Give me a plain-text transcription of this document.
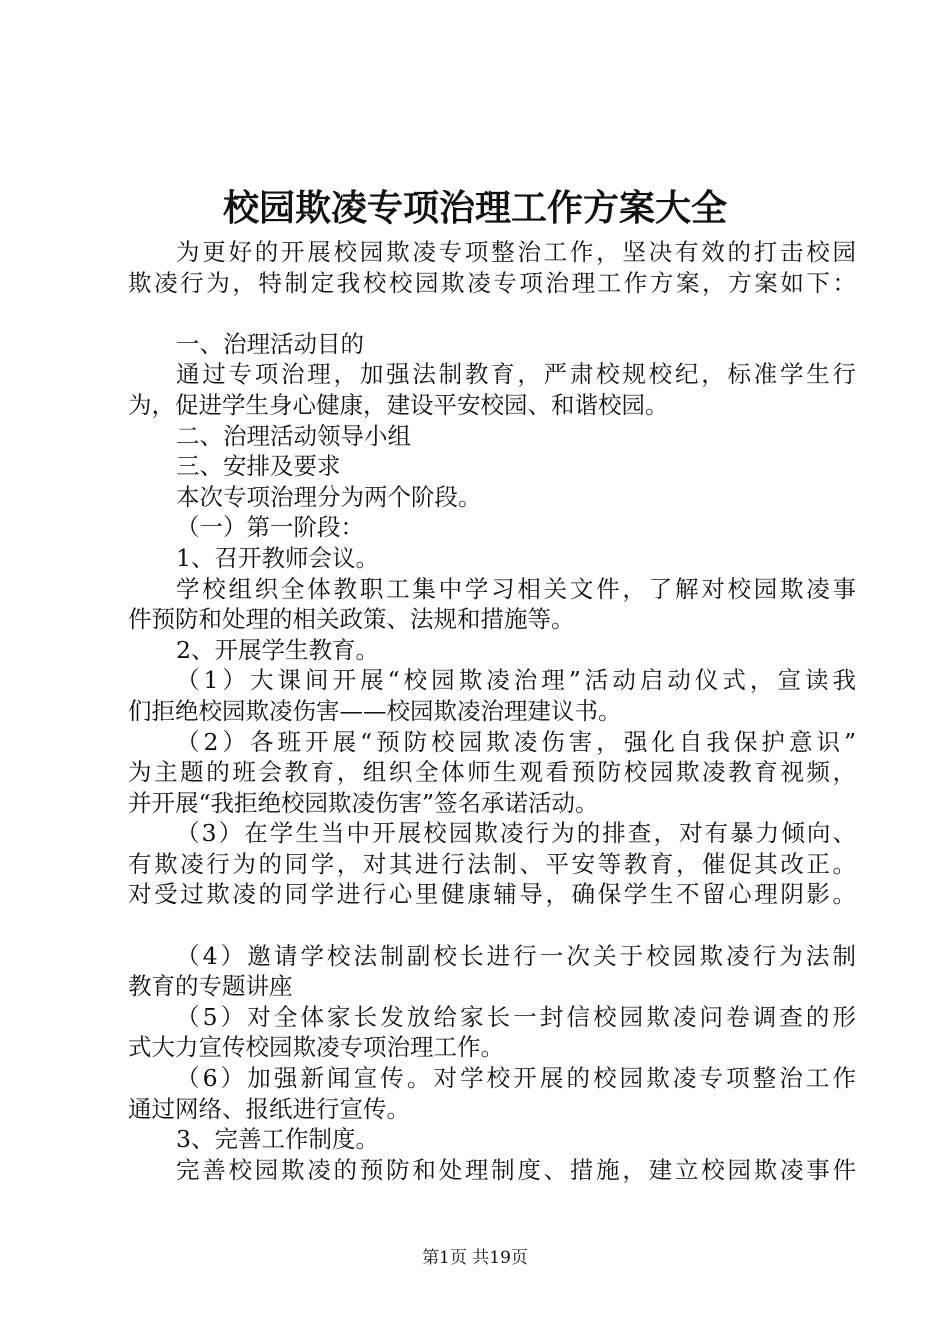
校园欺凌专项治理工作方案大全
为更好的开展校园欺凌专项整治工作，坚决有效的打击校园
欺凌行为，特制定我校校园欺凌专项治理工作方案，方案如下：
一、治理活动目的
通过专项治理，加强法制教育，严肃校规校纪，标准学生行
为，促进学生身心健康，建设平安校园、和谐校园。
二、治理活动领导小组
三、安排及要求
本次专项治理分为两个阶段。
（一）第一阶段：
1、召开教师会议。
学校组织全体教职工集中学习相关文件，了解对校园欺凌事
件预防和处理的相关政策、法规和措施等。
2、开展学生教育。
（1）大课间开展“校园欺凌治理”活动启动仪式，宣读我
们拒绝校园欺凌伤害——校园欺凌治理建议书。
（2）各班开展“预防校园欺凌伤害，强化自我保护意识”
为主题的班会教育，组织全体师生观看预防校园欺凌教育视频，
并开展“我拒绝校园欺凌伤害”签名承诺活动。
（3）在学生当中开展校园欺凌行为的排查，对有暴力倾向、
有欺凌行为的同学，对其进行法制、平安等教育，催促其改正。
对受过欺凌的同学进行心里健康辅导，确保学生不留心理阴影。
（4）邀请学校法制副校长进行一次关于校园欺凌行为法制
教育的专题讲座
（5）对全体家长发放给家长一封信校园欺凌问卷调查的形
式大力宣传校园欺凌专项治理工作。
（6）加强新闻宣传。对学校开展的校园欺凌专项整治工作
通过网络、报纸进行宣传。
3、完善工作制度。
完善校园欺凌的预防和处理制度、措施，建立校园欺凌事件
第1页 共19页
